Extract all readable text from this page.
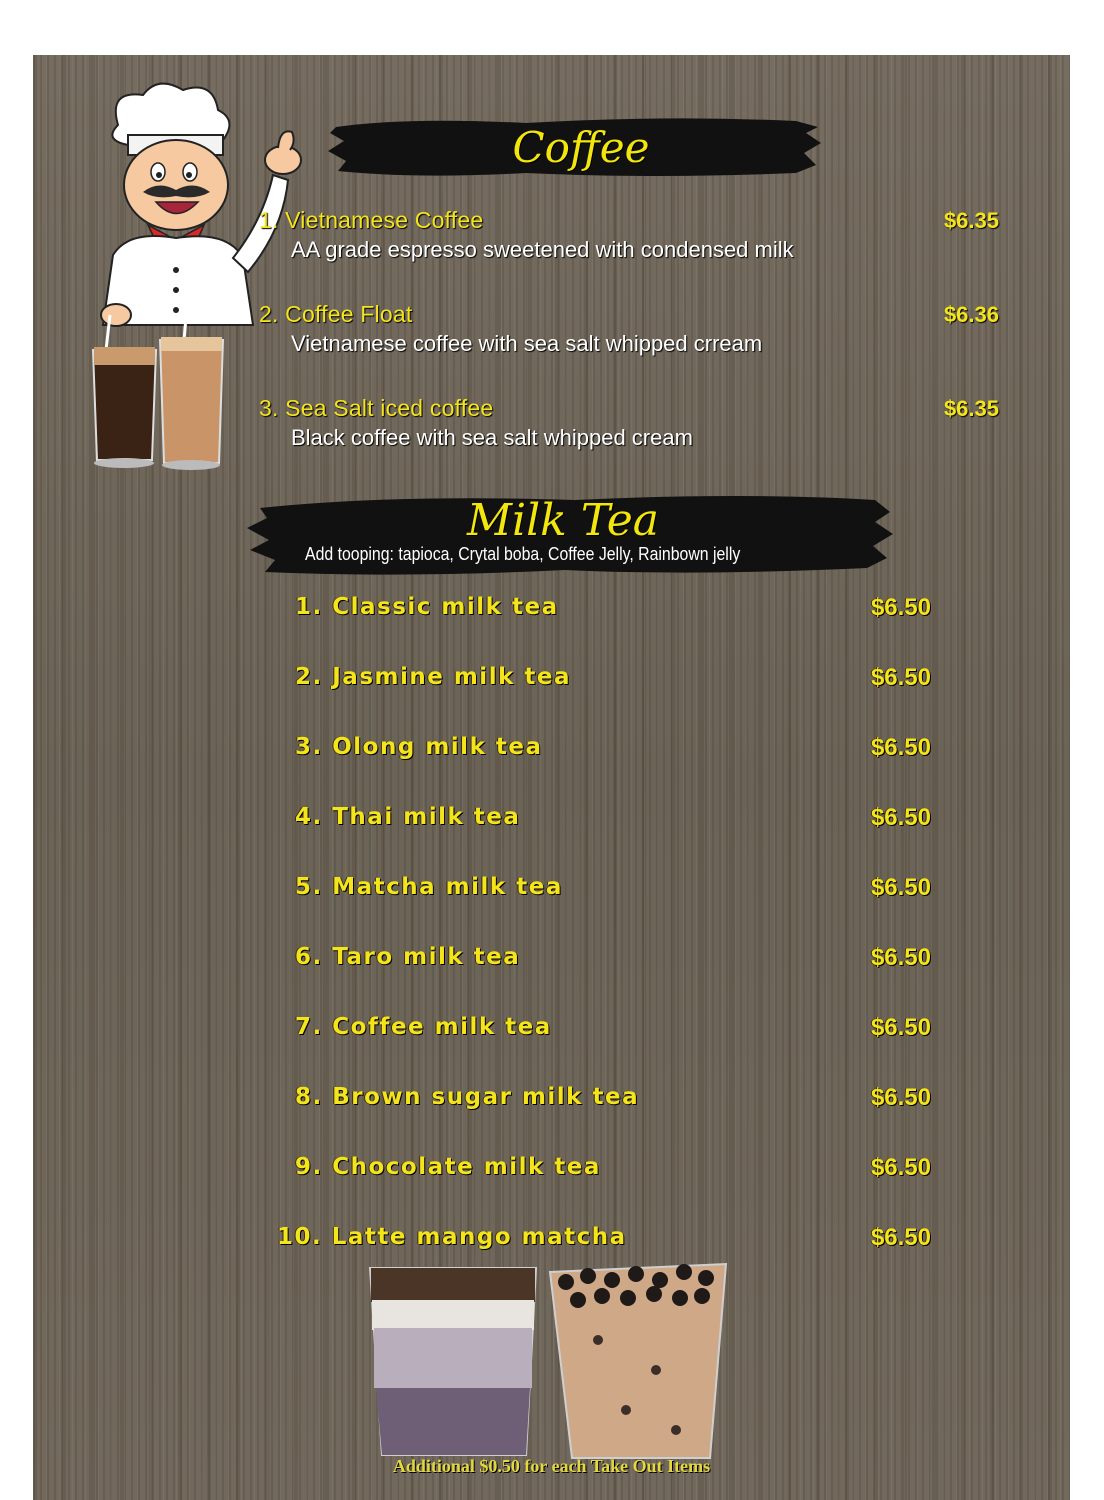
Coffee
1. Vietnamese Coffee	$6.35
AA grade espresso sweetened with condensed milk
2. Coffee Float	$6.36
Vietnamese coffee with sea salt whipped crream
3. Sea Salt iced coffee	$6.35
Black coffee with sea salt whipped cream
Milk Tea
Add tooping: tapioca, Crytal boba, Coffee Jelly, Rainbown jelly
1. Classic milk tea	$6.50
2. Jasmine milk tea	$6.50
3. Olong milk tea	$6.50
4. Thai milk tea	$6.50
5. Matcha milk tea	$6.50
6. Taro milk tea	$6.50
7. Coffee milk tea	$6.50
8. Brown sugar milk tea	$6.50
9. Chocolate milk tea	$6.50
10. Latte mango matcha	$6.50
Additional $0.50 for each Take Out Items
